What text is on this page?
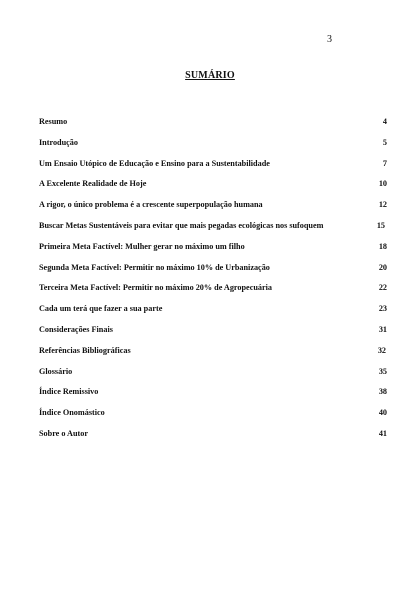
3
SUMÁRIO
Resumo	4
Introdução	5
Um Ensaio Utópico de Educação e Ensino para a Sustentabilidade	7
A Excelente Realidade de Hoje	10
A rigor, o único problema é a crescente superpopulação humana	12
Buscar Metas Sustentáveis para evitar que mais pegadas ecológicas nos sufoquem	15
Primeira Meta Factível: Mulher gerar no máximo um filho	18
Segunda Meta Factível: Permitir no máximo 10% de Urbanização	20
Terceira Meta Factível: Permitir no máximo 20% de Agropecuária	22
Cada um terá que fazer a sua parte	23
Considerações Finais	31
Referências Bibliográficas	32
Glossário	35
Índice Remissivo	38
Índice Onomástico	40
Sobre o Autor	41
